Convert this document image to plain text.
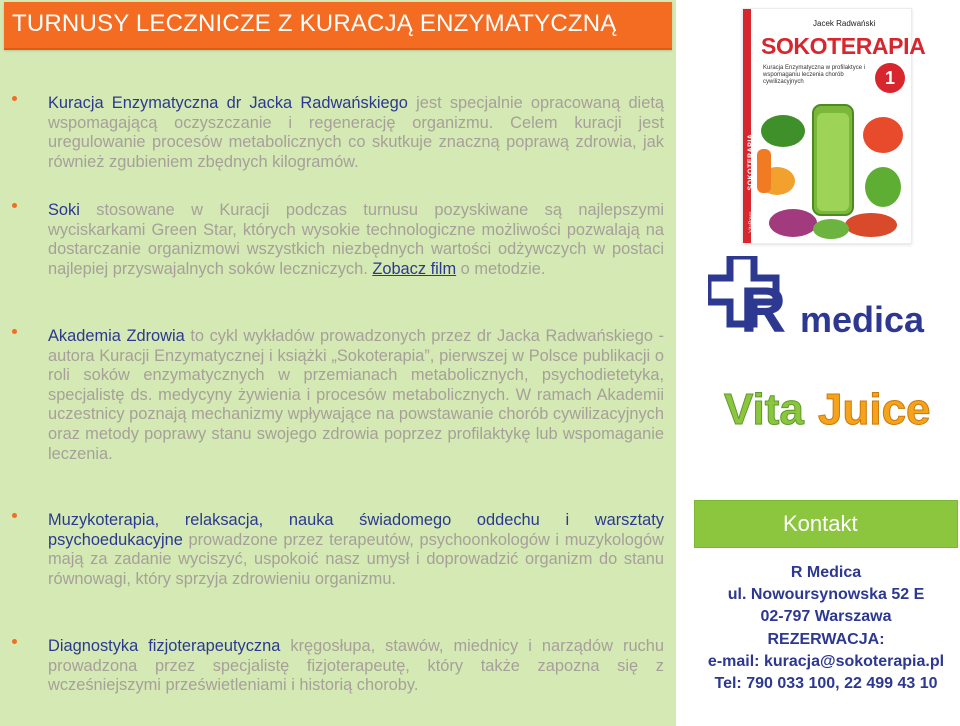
TURNUSY LECZNICZE Z KURACJĄ ENZYMATYCZNĄ
Kuracja Enzymatyczna dr Jacka Radwańskiego jest specjalnie opracowaną dietą wspomagającą oczyszczanie i regenerację organizmu. Celem kuracji jest uregulowanie procesów metabolicznych co skutkuje znaczną poprawą zdrowia, jak również zgubieniem zbędnych kilogramów.
Soki stosowane w Kuracji podczas turnusu pozyskiwane są najlepszymi wyciskarkami Green Star, których wysokie technologiczne możliwości pozwalają na dostarczanie organizmowi wszystkich niezbędnych wartości odżywczych w postaci najlepiej przyswajalnych soków leczniczych. Zobacz film o metodzie.
Akademia Zdrowia to cykl wykładów prowadzonych przez dr Jacka Radwańskiego - autora Kuracji Enzymatycznej i książki „Sokoterapia”, pierwszej w Polsce publikacji o roli soków enzymatycznych w przemianach metabolicznych, psychodietetyka, specjalistę ds. medycyny żywienia i procesów metabolicznych. W ramach Akademii uczestnicy poznają mechanizmy wpływające na powstawanie chorób cywilizacyjnych oraz metody poprawy stanu swojego zdrowia poprzez profilaktykę lub wspomaganie leczenia.
Muzykoterapia, relaksacja, nauka świadomego oddechu i warsztaty psychoedukacyjne prowadzone przez terapeutów, psychoonkologów i muzykologów mają za zadanie wyciszyć, uspokoić nasz umysł i doprowadzić organizm do stanu równowagi, który sprzyja zdrowieniu organizmu.
Diagnostyka fizjoterapeutyczna kręgosłupa, stawów, miednicy i narządów ruchu prowadzona przez specjalistę fizjoterapeutę, który także zapozna się z wcześniejszymi prześwietleniami i historią choroby.
SOKOTERAPIA
VitaPress
Jacek Radwański
SOKOTERAPIA
Kuracja Enzymatyczna w profilaktyce i wspomaganiu leczenia chorób cywilizacyjnych	1
R medica
Vita Juice
Kontakt
R Medica
ul. Nowoursynowska 52 E
02-797 Warszawa
REZERWACJA:
e-mail: kuracja@sokoterapia.pl
Tel: 790 033 100, 22 499 43 10
